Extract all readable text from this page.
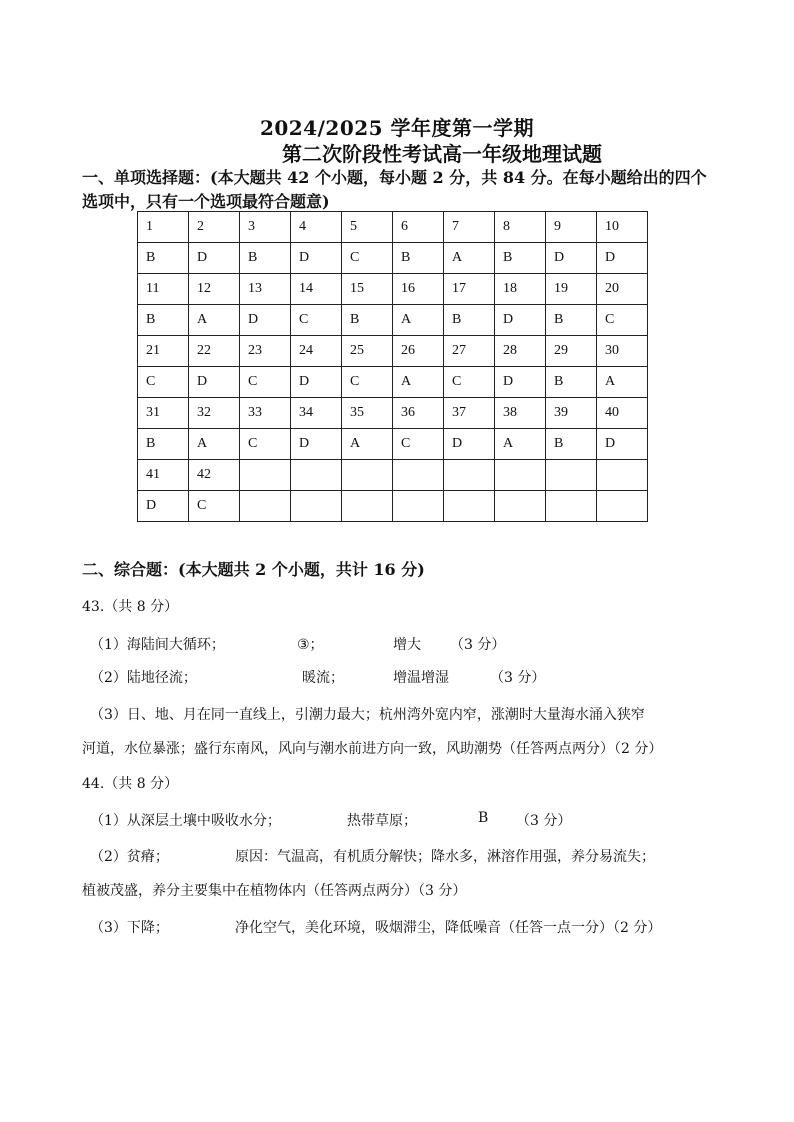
2024/2025 学年度第一学期
第二次阶段性考试高一年级地理试题
一、单项选择题：(本大题共 42 个小题，每小题 2 分，共 84 分。在每小题给出的四个选项中，只有一个选项最符合题意)
1	2	3	4	5	6	7	8	9	10
B	D	B	D	C	B	A	B	D	D
11	12	13	14	15	16	17	18	19	20
B	A	D	C	B	A	B	D	B	C
21	22	23	24	25	26	27	28	29	30
C	D	C	D	C	A	C	D	B	A
31	32	33	34	35	36	37	38	39	40
B	A	C	D	A	C	D	A	B	D
41	42								
D	C								
二、综合题：(本大题共 2 个小题，共计 16 分)
43.（共 8 分）
（1）海陆间大循环；	③；	增大 （3 分）
（2）陆地径流；	暖流；	增温增湿	（3 分）
（3）日、地、月在同一直线上，引潮力最大；杭州湾外宽内窄，涨潮时大量海水涌入狭窄
河道，水位暴涨；盛行东南风，风向与潮水前进方向一致，风助潮势（任答两点两分）（2 分）
44.（共 8 分）
（1）从深层土壤中吸收水分；	热带草原；	B （3 分）
（2）贫瘠；	原因：气温高，有机质分解快；降水多，淋溶作用强，养分易流失；
植被茂盛，养分主要集中在植物体内（任答两点两分）（3 分）
（3）下降；	净化空气，美化环境，吸烟滞尘，降低噪音（任答一点一分）（2 分）
